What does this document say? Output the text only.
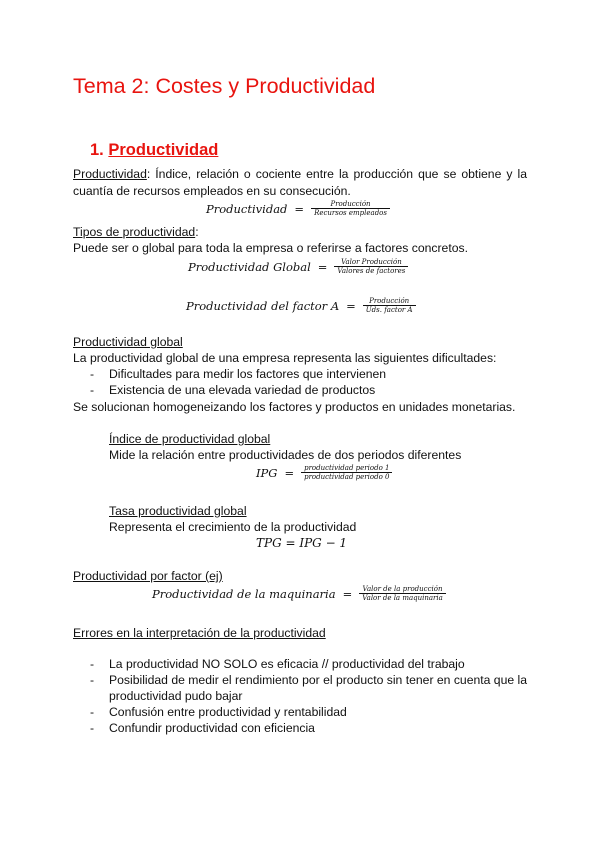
Tema 2: Costes y Productividad
1. Productividad
Productividad: Índice, relación o cociente entre la producción que se obtiene y la
cuantía de recursos empleados en su consecución.
Productividad = $\frac{\text{Producción}}{\text{Recursos empleados}}$
Tipos de productividad:
Puede ser o global para toda la empresa o referirse a factores concretos.
Productividad Global = $\frac{\text{Valor Producción}}{\text{Valores de factores}}$
Productividad del factor $A = \frac{\text{Producción}}{\text{Uds. factor A}}$
Productividad global
La productividad global de una empresa representa las siguientes dificultades:
- Dificultades para medir los factores que intervienen
- Existencia de una elevada variedad de productos
Se solucionan homogeneizando los factores y productos en unidades monetarias.
Índice de productividad global
Mide la relación entre productividades de dos periodos diferentes
IPG = $\frac{\text{productividad periodo 1}}{\text{productividad periodo 0}}$
Tasa productividad global
Representa el crecimiento de la productividad
TPG = IPG − 1
Productividad por factor (ej)
Productividad de la maquinaria = $\frac{\text{Valor de la producción}}{\text{Valor de la maquinaria}}$
Errores en la interpretación de la productividad
- La productividad NO SOLO es eficacia // productividad del trabajo
- Posibilidad de medir el rendimiento por el producto sin tener en cuenta que la
productividad pudo bajar
- Confusión entre productividad y rentabilidad
- Confundir productividad con eficiencia
